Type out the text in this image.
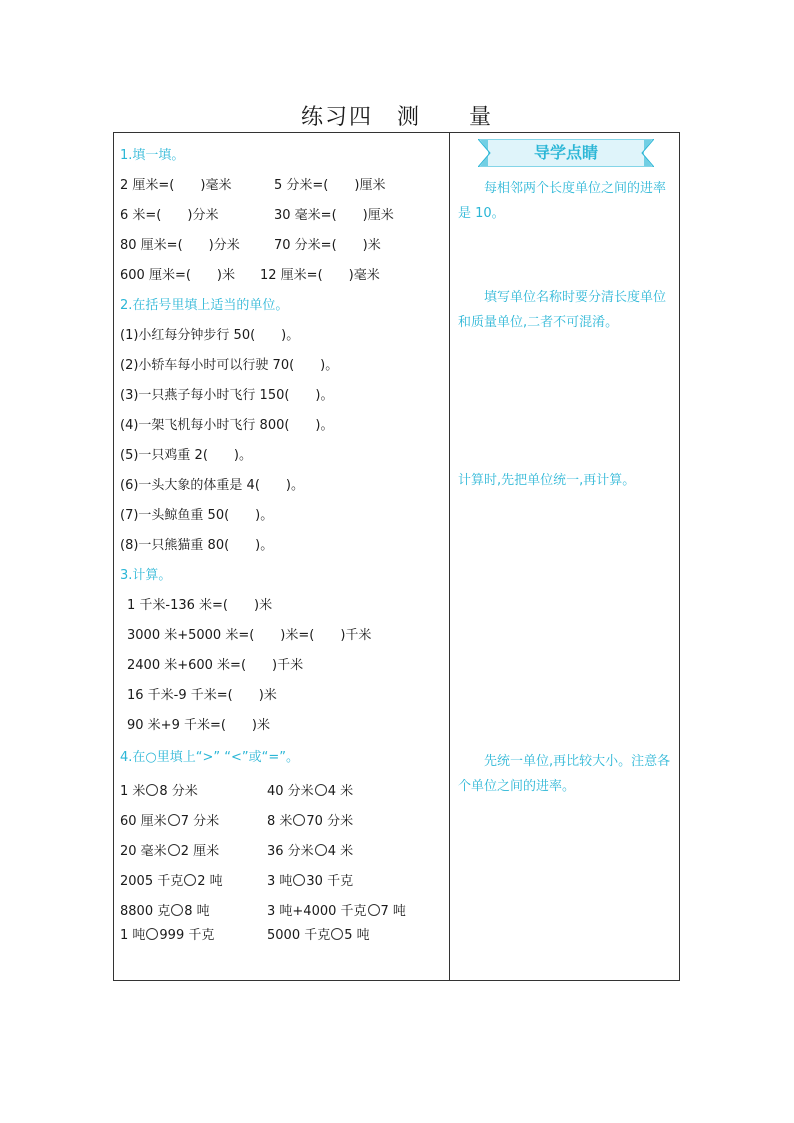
练习四　测　　量
1.填一填。
2 厘米=(　　)毫米	5 分米=(　　)厘米
6 米=(　　)分米	30 毫米=(　　)厘米
80 厘米=(　　)分米	70 分米=(　　)米
600 厘米=(　　)米 12 厘米=(　　)毫米
2.在括号里填上适当的单位。
(1)小红每分钟步行 50(　　)。
(2)小轿车每小时可以行驶 70(　　)。
(3)一只燕子每小时飞行 150(　　)。
(4)一架飞机每小时飞行 800(　　)。
(5)一只鸡重 2(　　)。
(6)一头大象的体重是 4(　　)。
(7)一头鲸鱼重 50(　　)。
(8)一只熊猫重 80(　　)。
3.计算。
1 千米-136 米=(　　)米
3000 米+5000 米=(　　)米=(　　)千米
2400 米+600 米=(　　)千米
16 千米-9 千米=(　　)米
90 米+9 千米=(　　)米
4.在○里填上“>” “<”或“=”。
1 米 8 分米	40 分米 4 米
60 厘米 7 分米	8 米 70 分米
20 毫米 2 厘米	36 分米 4 米
2005 千克 2 吨	3 吨 30 千克
8800 克 8 吨	3 吨+4000 千克 7 吨
1 吨 999 千克	5000 千克 5 吨
导学点睛
　　每相邻两个长度单位之间的进率是 10。
　　填写单位名称时要分清长度单位和质量单位,二者不可混淆。
计算时,先把单位统一,再计算。
　　先统一单位,再比较大小。注意各个单位之间的进率。
